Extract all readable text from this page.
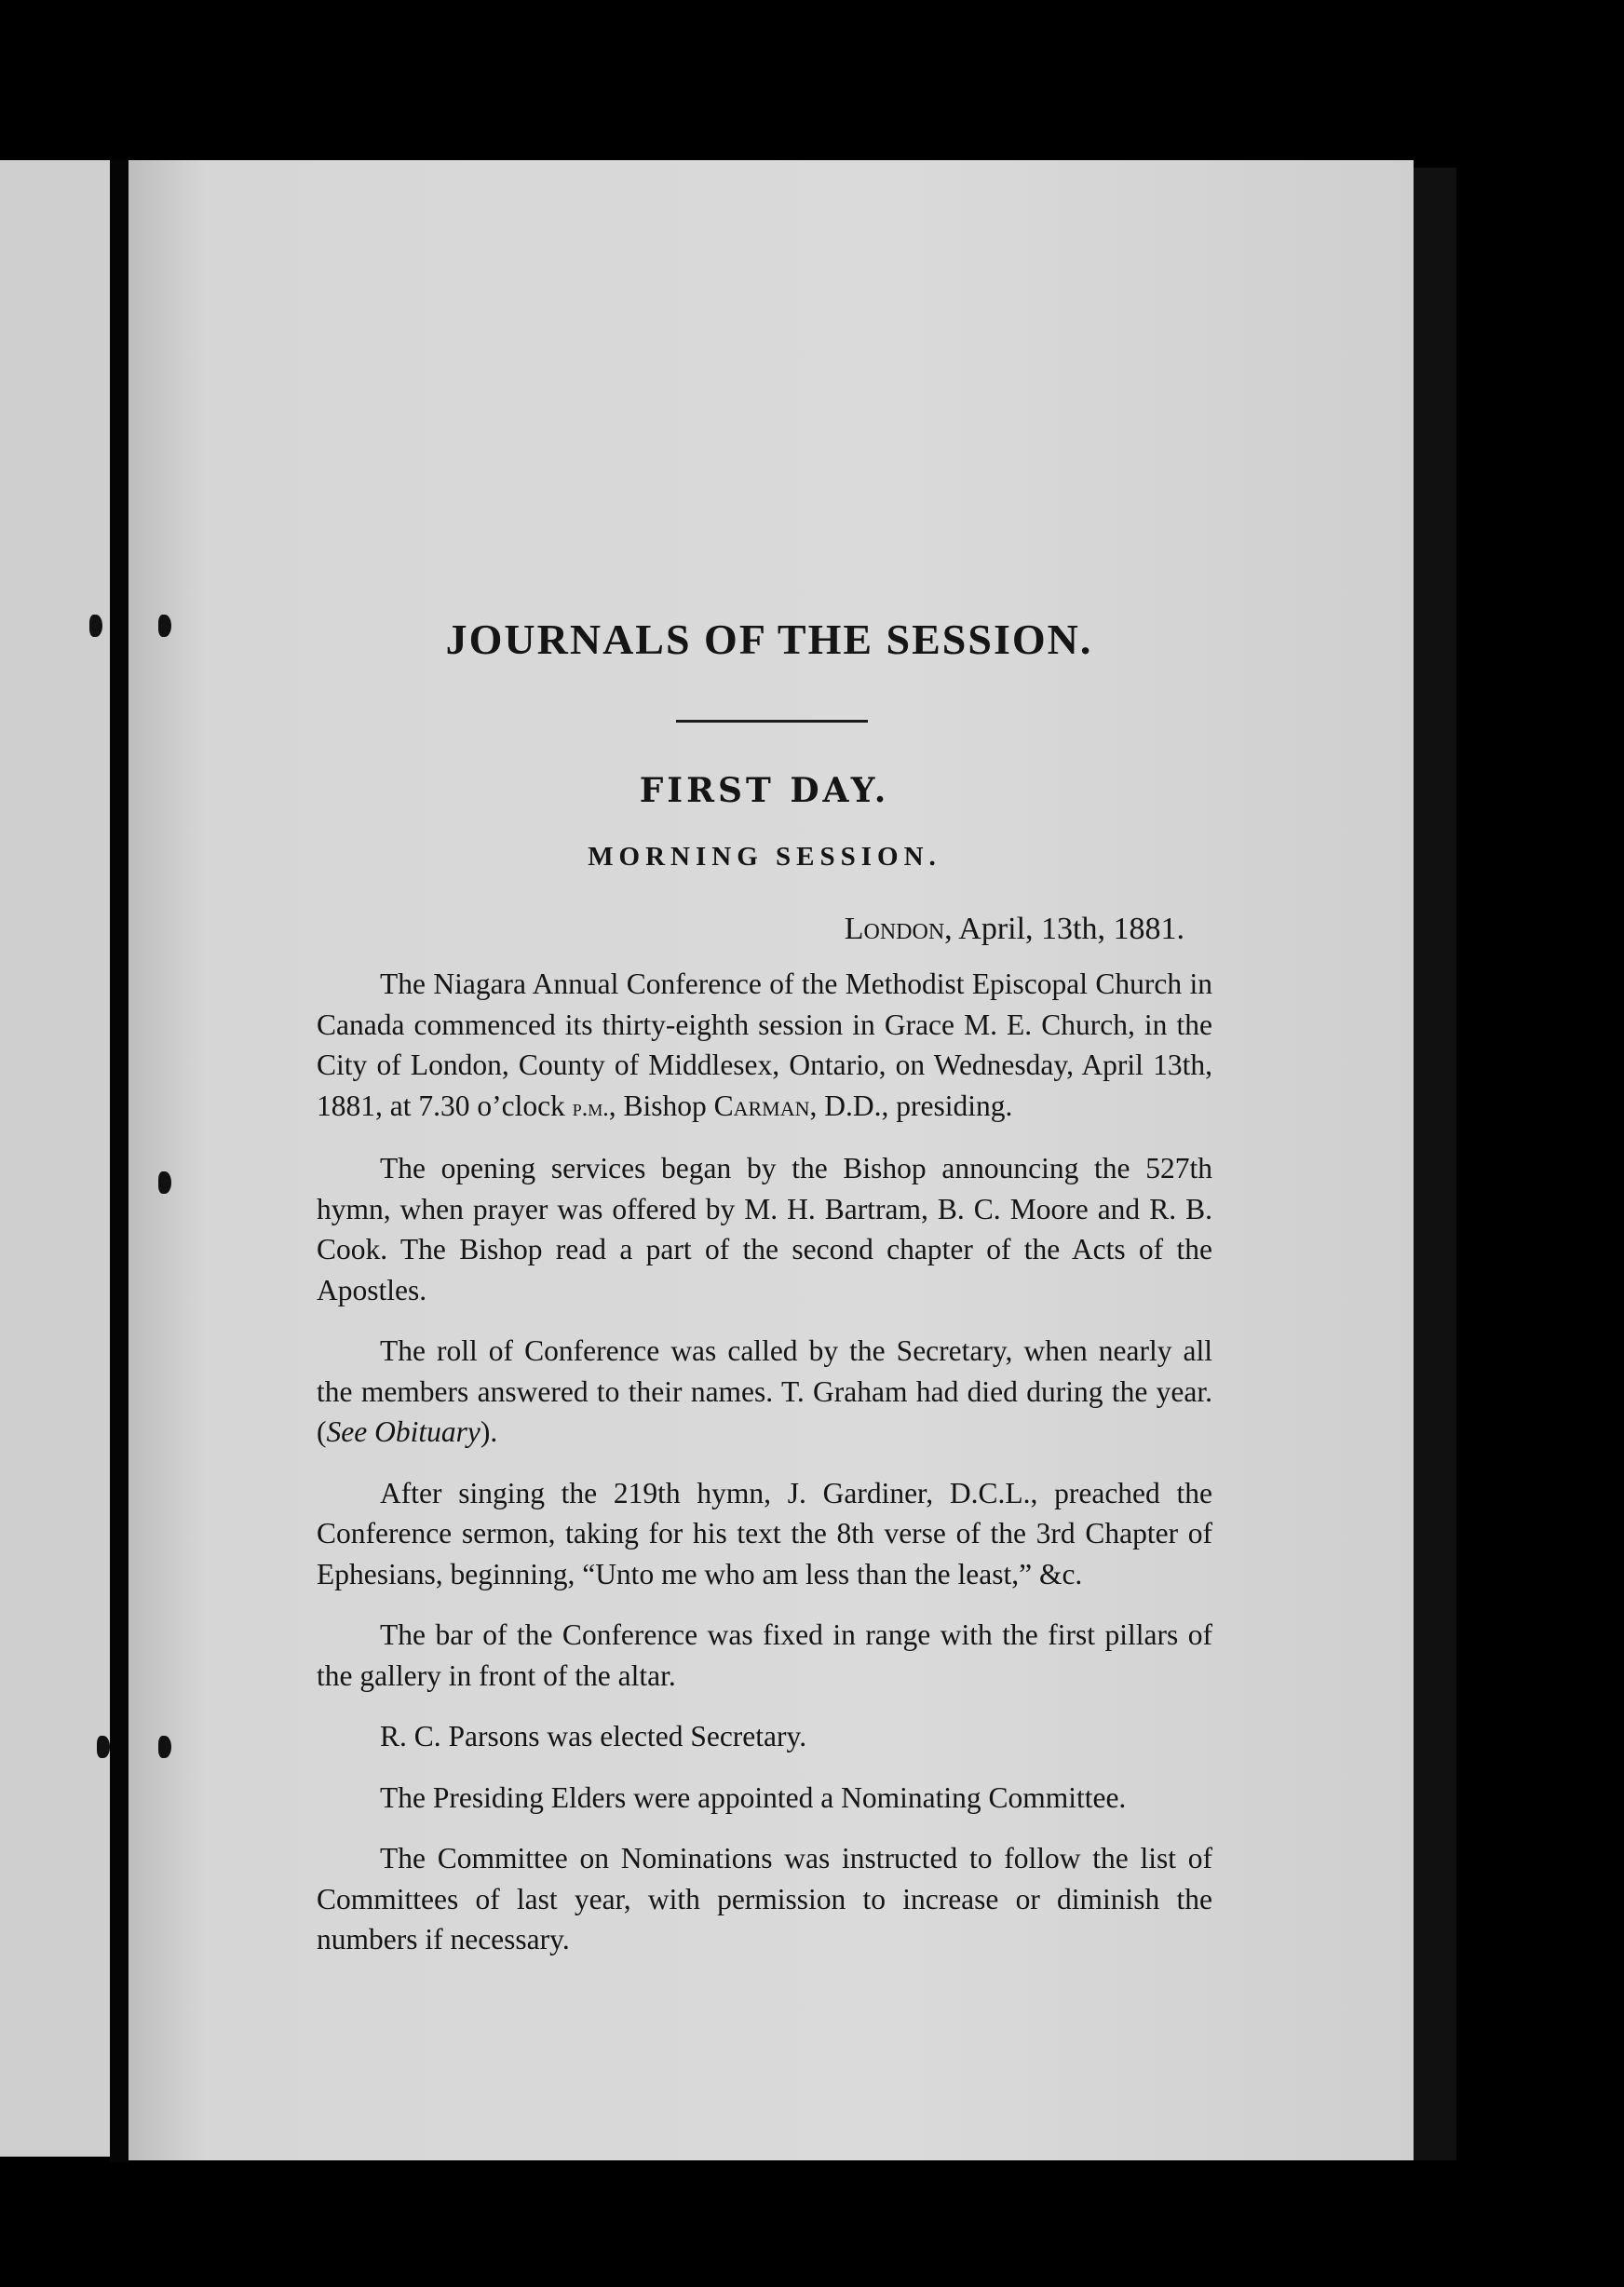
JOURNALS OF THE SESSION.
FIRST DAY.
MORNING SESSION.
London, April, 13th, 1881.

The Niagara Annual Conference of the Methodist Episcopal Church in Canada commenced its thirty-eighth session in Grace M. E. Church, in the City of London, County of Middlesex, Ontario, on Wednesday, April 13th, 1881, at 7.30 o’clock p.m., Bishop Carman, D.D., presiding.

The opening services began by the Bishop announcing the 527th hymn, when prayer was offered by M. H. Bartram, B. C. Moore and R. B. Cook. The Bishop read a part of the second chapter of the Acts of the Apostles.

The roll of Conference was called by the Secretary, when nearly all the members answered to their names. T. Graham had died during the year. (See Obituary).

After singing the 219th hymn, J. Gardiner, D.C.L., preached the Conference sermon, taking for his text the 8th verse of the 3rd Chapter of Ephesians, beginning, “Unto me who am less than the least,” &c.

The bar of the Conference was fixed in range with the first pillars of the gallery in front of the altar.

R. C. Parsons was elected Secretary.

The Presiding Elders were appointed a Nominating Committee.

The Committee on Nominations was instructed to follow the list of Committees of last year, with permission to increase or diminish the numbers if necessary.
